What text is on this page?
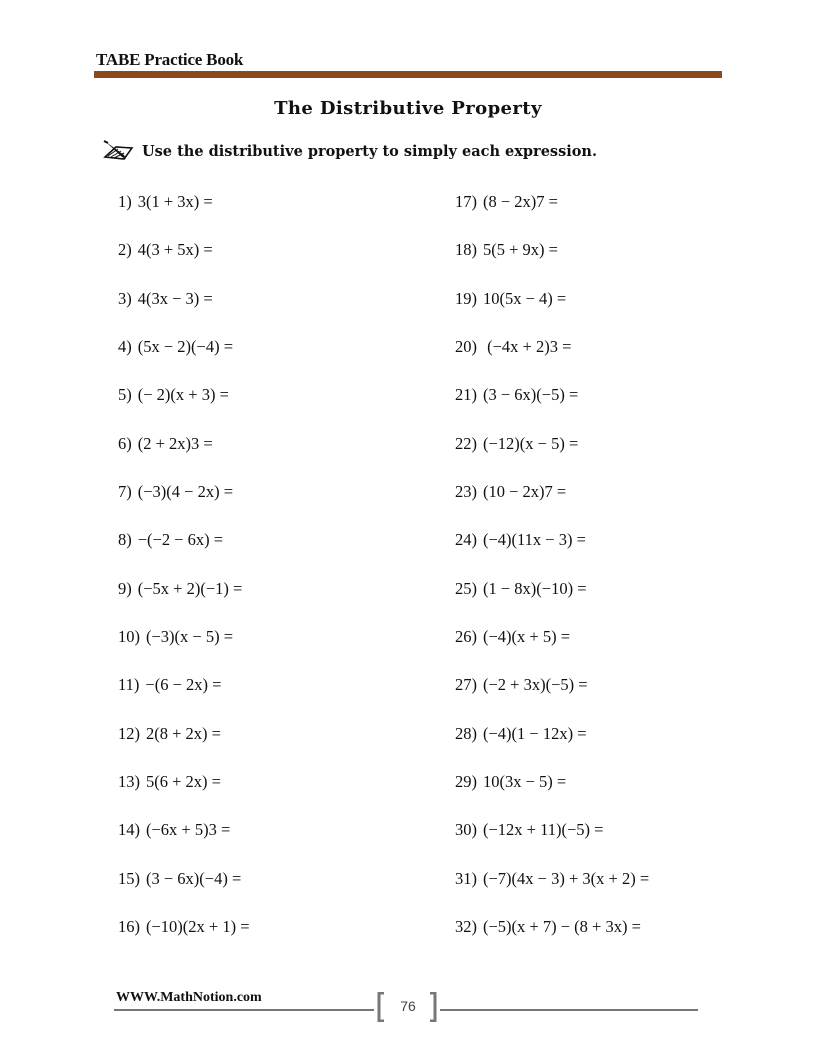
TABE Practice Book
The Distributive Property
Use the distributive property to simply each expression.
1) 3(1 + 3x) =
2) 4(3 + 5x) =
3) 4(3x − 3) =
4) (5x − 2)(−4) =
5) (− 2)(x + 3) =
6) (2 + 2x)3 =
7) (−3)(4 − 2x) =
8) −(−2 − 6x) =
9) (−5x + 2)(−1) =
10) (−3)(x − 5) =
11) −(6 − 2x) =
12) 2(8 + 2x) =
13) 5(6 + 2x) =
14) (−6x + 5)3 =
15) (3 − 6x)(−4) =
16) (−10)(2x + 1) =
17) (8 − 2x)7 =
18) 5(5 + 9x) =
19) 10(5x − 4) =
20) (−4x + 2)3 =
21) (3 − 6x)(−5) =
22) (−12)(x − 5) =
23) (10 − 2x)7 =
24) (−4)(11x − 3) =
25) (1 − 8x)(−10) =
26) (−4)(x + 5) =
27) (−2 + 3x)(−5) =
28) (−4)(1 − 12x) =
29) 10(3x − 5) =
30) (−12x + 11)(−5) =
31) (−7)(4x − 3) + 3(x + 2) =
32) (−5)(x + 7) − (8 + 3x) =
WWW.MathNotion.com
76
